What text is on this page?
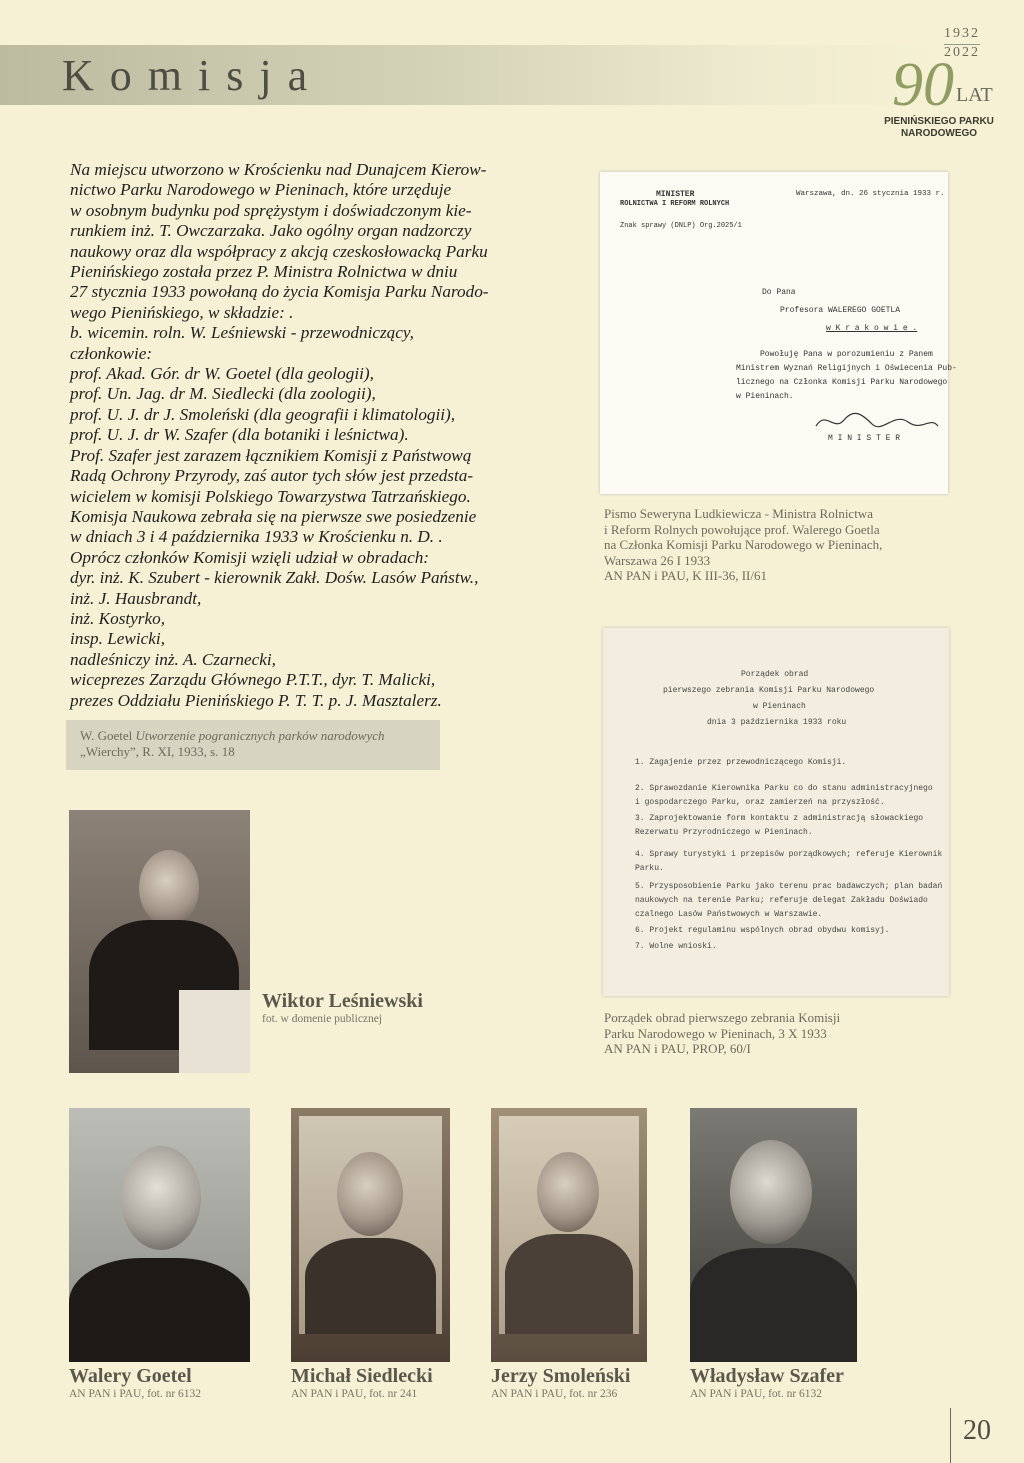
Komisja
1932
2022
90 LAT
PIENIŃSKIEGO PARKU
NARODOWEGO

Na miejscu utworzono w Krościenku nad Dunajcem Kierow-

nictwo Parku Narodowego w Pieninach, które urzęduje

w osobnym budynku pod sprężystym i doświadczonym kie-

runkiem inż. T. Owczarzaka. Jako ogólny organ nadzorczy

naukowy oraz dla współpracy z akcją czeskosłowacką Parku

Pienińskiego została przez P. Ministra Rolnictwa w dniu

27 stycznia 1933 powołaną do życia Komisja Parku Narodo-

wego Pienińskiego, w składzie: .

b. wicemin. roln. W. Leśniewski - przewodniczący,

członkowie:

prof. Akad. Gór. dr W. Goetel (dla geologii),

prof. Un. Jag. dr M. Siedlecki (dla zoologii),

prof. U. J. dr J. Smoleński (dla geografii i klimatologii),

prof. U. J. dr W. Szafer (dla botaniki i leśnictwa).

Prof. Szafer jest zarazem łącznikiem Komisji z Państwową

Radą Ochrony Przyrody, zaś autor tych słów jest przedsta-

wicielem w komisji Polskiego Towarzystwa Tatrzańskiego.

Komisja Naukowa zebrała się na pierwsze swe posiedzenie

w dniach 3 i 4 października 1933 w Krościenku n. D. .

Oprócz członków Komisji wzięli udział w obradach:

dyr. inż. K. Szubert - kierownik Zakł. Dośw. Lasów Państw.,

inż. J. Hausbrandt,

inż. Kostyrko,

insp. Lewicki,

nadleśniczy inż. A. Czarnecki,

wiceprezes Zarządu Głównego P.T.T., dyr. T. Malicki,

prezes Oddziału Pienińskiego P. T. T. p. J. Masztalerz.

W. Goetel Utworzenie pogranicznych parków narodowych
„Wierchy”, R. XI, 1933, s. 18
MINISTER
ROLNICTWA I REFORM ROLNYCH
Warszawa, dn. 26 stycznia 1933 r.
Znak sprawy (DNLP) Org.2025/1
Do Pana
Profesora WALEREGO GOETLA
w K r a k o w i e .
Powołuję Pana w porozumieniu z Panem
Ministrem Wyznań Religijnych i Oświecenia Pub-
licznego na Członka Komisji Parku Narodowego
w Pieninach.
M I N I S T E R
Pismo Seweryna Ludkiewicza - Ministra Rolnictwa
i Reform Rolnych powołujące prof. Walerego Goetla
na Członka Komisji Parku Narodowego w Pieninach,
Warszawa 26 I 1933
AN PAN i PAU, K III-36, II/61
Porządek obrad
pierwszego zebrania Komisji Parku Narodowego
w Pieninach
dnia 3 października 1933 roku
1. Zagajenie przez przewodniczącego Komisji.
2. Sprawozdanie Kierownika Parku co do stanu administracyjnego
i gospodarczego Parku, oraz zamierzeń na przyszłość.
3. Zaprojektowanie form kontaktu z administracją słowackiego
Rezerwatu Przyrodniczego w Pieninach.
4. Sprawy turystyki i przepisów porządkowych; referuje Kierownik
Parku.
5. Przysposobienie Parku jako terenu prac badawczych; plan badań
naukowych na terenie Parku; referuje delegat Zakładu Doświado
czalnego Lasów Państwowych w Warszawie.
6. Projekt regulaminu wspólnych obrad obydwu komisyj.
7. Wolne wnioski.
Porządek obrad pierwszego zebrania Komisji
Parku Narodowego w Pieninach, 3 X 1933
AN PAN i PAU, PROP, 60/I
Wiktor Leśniewski
fot. w domenie publicznej
Walery Goetel
AN PAN i PAU, fot. nr 6132
Michał Siedlecki
AN PAN i PAU, fot. nr 241
Jerzy Smoleński
AN PAN i PAU, fot. nr 236
Władysław Szafer
AN PAN i PAU, fot. nr 6132
20
